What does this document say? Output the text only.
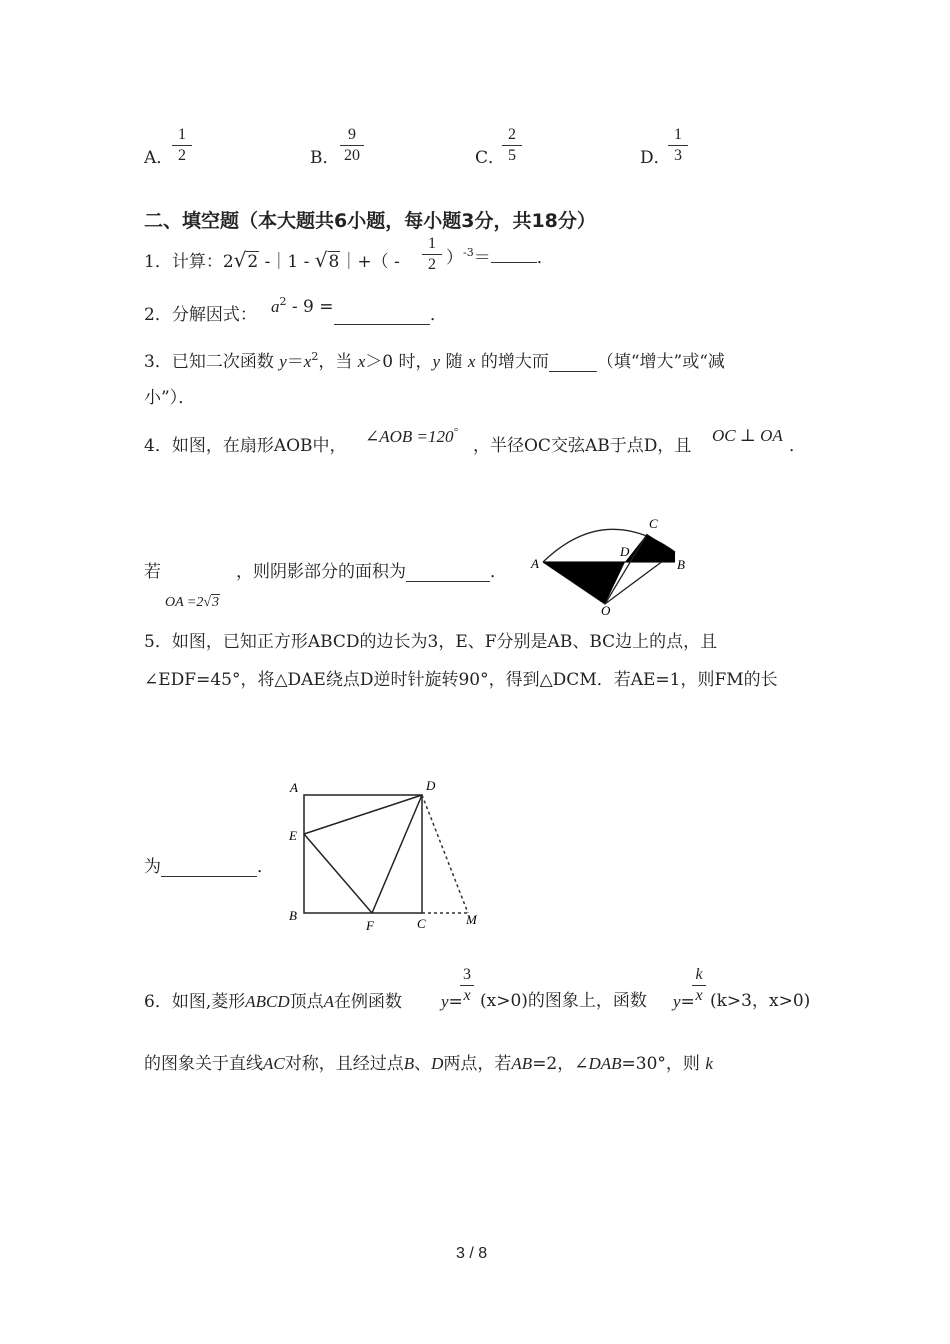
A．
1
2	B．
9
20	C．
2
5	D．
1
3
二、填空题（本大题共6小题，每小题3分，共18分）
1．计算：2√2 -｜1 - √8｜+（ -
1
2 ）$^{-3}$＝	．
2．分解因式： $a^2 - 9$ =	．
3．已知二次函数 $y=x^2$，当 x＞0 时，y 随 x 的增大而	（填“增大”或“减
小”）．
4．如图，在扇形AOB中， ∠AOB =120°
，半径OC交弦AB于点D，且
OC ⊥ OA
．
若	，则阴影部分的面积为	．
OA =2√3
A	B
C
D
O
5．如图，已知正方形ABCD的边长为3，E、F分别是AB、BC边上的点，且
∠EDF=45°，将△DAE绕点D逆时针旋转90°，得到△DCM．若AE=1，则FM的长
为	．
A	D
E
B
F	C	M
6．如图,菱形ABCD顶点A在例函数 y=
3
x (x>0)的图象上，函数 y=
k
x (k>3，x>0)
的图象关于直线AC对称，且经过点B、D两点，若AB=2，∠DAB=30°，则 k
3 / 8
